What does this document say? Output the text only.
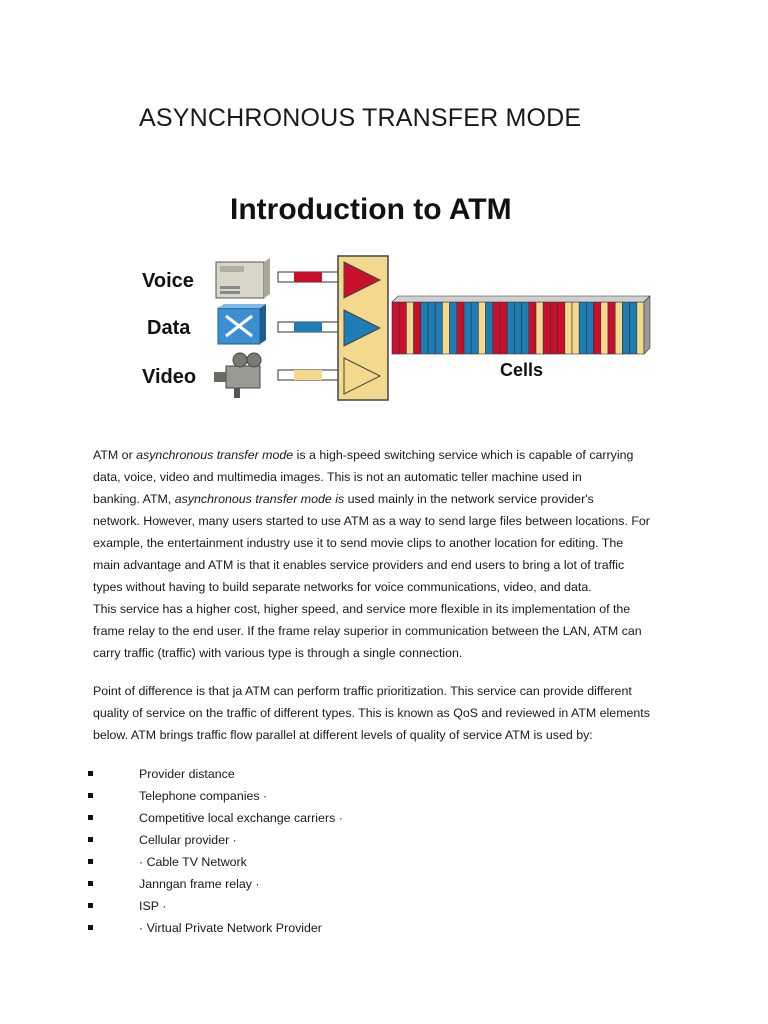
ASYNCHRONOUS TRANSFER MODE
Introduction to ATM
Voice
Data
Video	Cells

ATM or asynchronous transfer mode is a high-speed switching service which is capable of carrying

data, voice, video and multimedia images. This is not an automatic teller machine used in

banking. ATM, asynchronous transfer mode is used mainly in the network service provider's

network. However, many users started to use ATM as a way to send large files between locations. For

example, the entertainment industry use it to send movie clips to another location for editing. The

main advantage and ATM is that it enables service providers and end users to bring a lot of traffic

types without having to build separate networks for voice communications, video, and data.

This service has a higher cost, higher speed, and service more flexible in its implementation of the

frame relay to the end user. If the frame relay superior in communication between the LAN, ATM can

carry traffic (traffic) with various type is through a single connection.

Point of difference is that ja ATM can perform traffic prioritization. This service can provide different

quality of service on the traffic of different types. This is known as QoS and reviewed in ATM elements

below. ATM brings traffic flow parallel at different levels of quality of service ATM is used by:

Provider distance
Telephone companies ·
Competitive local exchange carriers ·
Cellular provider ·
· Cable TV Network
Janngan frame relay ·
ISP ·
· Virtual Private Network Provider
